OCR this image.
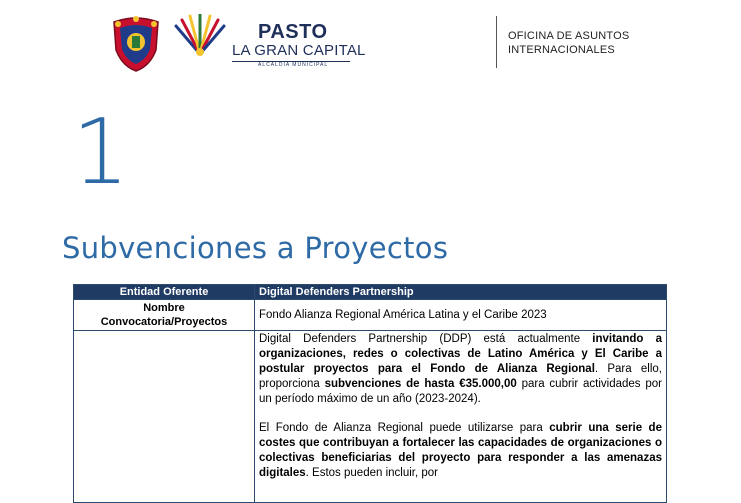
PASTO
LA GRAN CAPITAL
ALCALDÍA MUNICIPAL
OFICINA DE ASUNTOS
INTERNACIONALES
1
Subvenciones a Proyectos
Entidad Oferente	Digital Defenders Partnership

Nombre
Convocatoria/Proyectos	Fondo Alianza Regional América Latina y el Caribe 2023

	Digital Defenders Partnership (DDP) está actualmente invitando a organizaciones, redes o colectivas de Latino América y El Caribe a postular proyectos para el Fondo de Alianza Regional. Para ello, proporciona subvenciones de hasta €35.000,00 para cubrir actividades por un período máximo de un año (2023-2024).

El Fondo de Alianza Regional puede utilizarse para cubrir una serie de costes que contribuyan a fortalecer las capacidades de organizaciones o colectivas beneficiarias del proyecto para responder a las amenazas digitales. Estos pueden incluir, por
